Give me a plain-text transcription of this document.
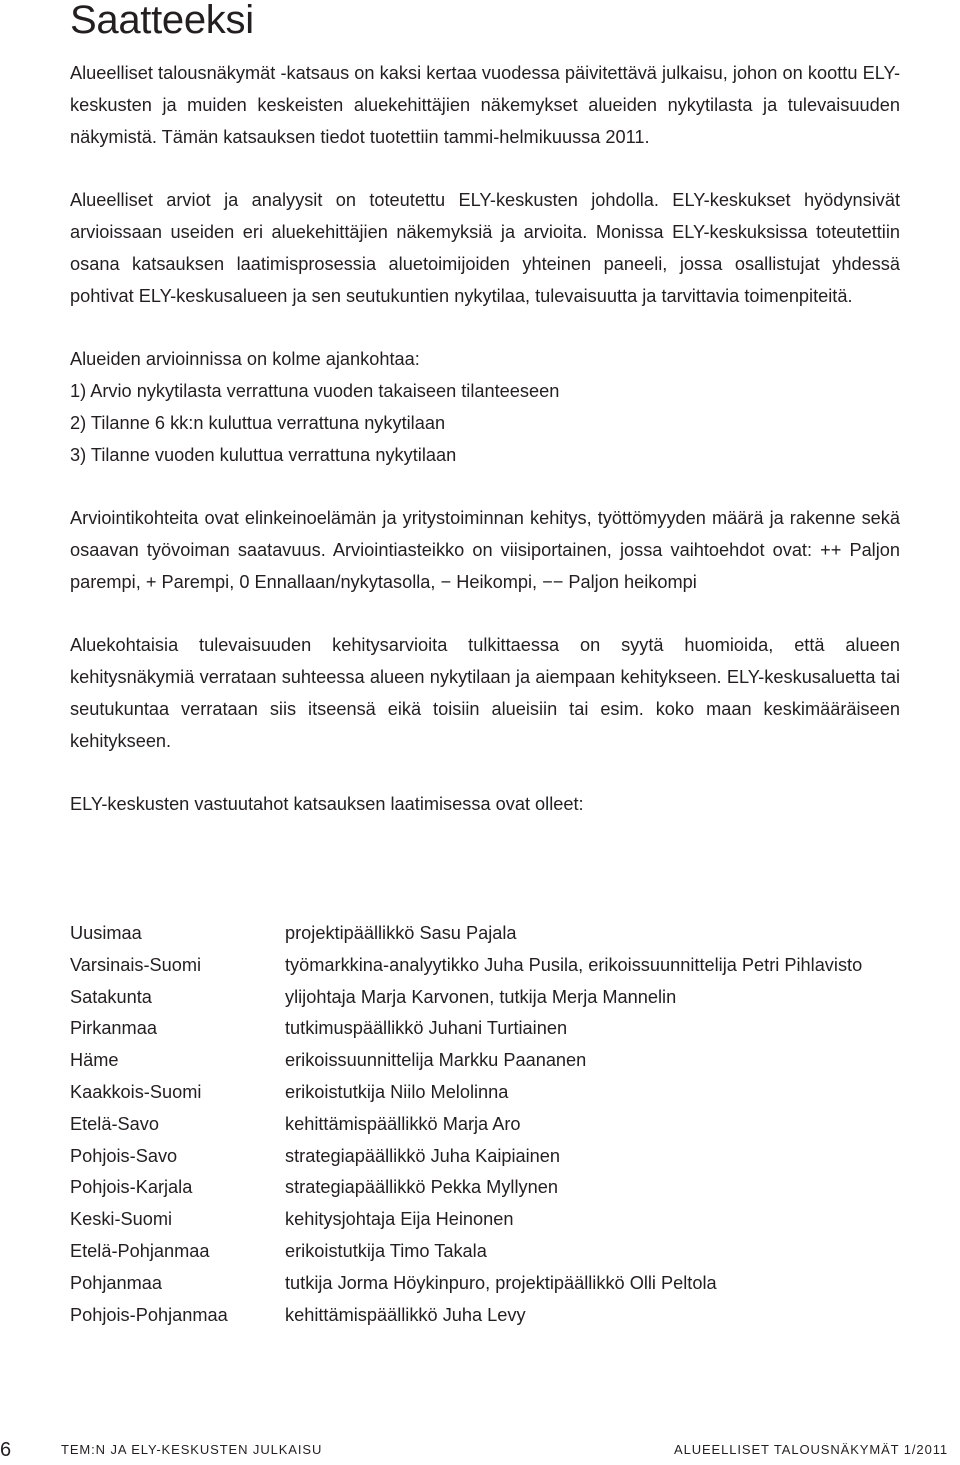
Saatteeksi

Alueelliset talousnäkymät -katsaus on kaksi kertaa vuodessa päivitettävä julkaisu, johon on koottu ELY-keskusten ja muiden keskeisten aluekehittäjien näkemykset alueiden nykytilasta ja tulevaisuuden näkymistä. Tämän katsauksen tiedot tuotettiin tammi-helmikuussa 2011.

Alueelliset arviot ja analyysit on toteutettu ELY-keskusten johdolla. ELY-keskukset hyödynsivät arvioissaan useiden eri aluekehittäjien näkemyksiä ja arvioita. Monissa ELY-keskuksissa toteutettiin osana katsauksen laatimisprosessia aluetoimijoiden yhteinen paneeli, jossa osallistujat yhdessä pohtivat ELY-keskusalueen ja sen seutukuntien nykytilaa, tulevaisuutta ja tarvittavia toimenpiteitä.

Alueiden arvioinnissa on kolme ajankohtaa:
1) Arvio nykytilasta verrattuna vuoden takaiseen tilanteeseen
2) Tilanne 6 kk:n kuluttua verrattuna nykytilaan
3) Tilanne vuoden kuluttua verrattuna nykytilaan

Arviointikohteita ovat elinkeinoelämän ja yritystoiminnan kehitys, työttömyyden määrä ja rakenne sekä osaavan työvoiman saatavuus. Arviointiasteikko on viisiportainen, jossa vaihtoehdot ovat: ++ Paljon parempi, + Parempi, 0 Ennallaan/nykytasolla, − Heikompi, −− Paljon heikompi

Aluekohtaisia tulevaisuuden kehitysarvioita tulkittaessa on syytä huomioida, että alueen kehitysnäkymiä verrataan suhteessa alueen nykytilaan ja aiempaan kehitykseen. ELY-keskusaluetta tai seutukuntaa verrataan siis itseensä eikä toisiin alueisiin tai esim. koko maan keskimääräiseen kehitykseen.

ELY-keskusten vastuutahot katsauksen laatimisessa ovat olleet:

Uusimaa	projektipäällikkö Sasu Pajala
Varsinais-Suomi	työmarkkina-analyytikko Juha Pusila, erikoissuunnittelija Petri Pihlavisto
Satakunta	ylijohtaja Marja Karvonen, tutkija Merja Mannelin
Pirkanmaa	tutkimuspäällikkö Juhani Turtiainen
Häme	erikoissuunnittelija Markku Paananen
Kaakkois-Suomi	erikoistutkija Niilo Melolinna
Etelä-Savo	kehittämispäällikkö Marja Aro
Pohjois-Savo	strategiapäällikkö Juha Kaipiainen
Pohjois-Karjala	strategiapäällikkö Pekka Myllynen
Keski-Suomi	kehitysjohtaja Eija Heinonen
Etelä-Pohjanmaa	erikoistutkija Timo Takala
Pohjanmaa	tutkija Jorma Höykinpuro, projektipäällikkö Olli Peltola
Pohjois-Pohjanmaa	kehittämispäällikkö Juha Levy
6	TEM:N JA ELY-KESKUSTEN JULKAISU	ALUEELLISET TALOUSNÄKYMÄT 1/2011
